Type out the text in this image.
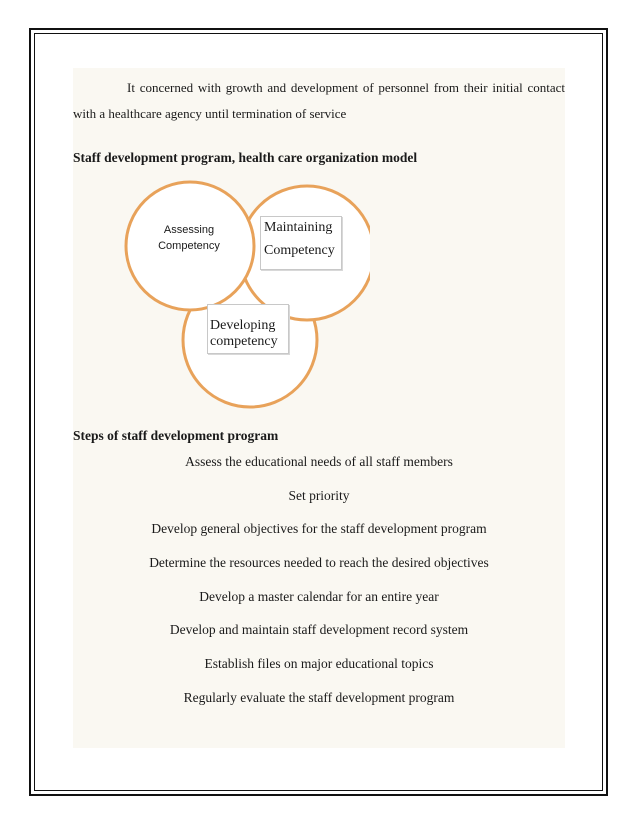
It concerned with growth and development of personnel from their initial contact with a healthcare agency until termination of service

Staff development program, health care organization model

Maintaining
Competency
Developing
competency
Assessing Competency

Steps of staff development program

Assess the educational needs of all staff members
Set priority
Develop general objectives for the staff development program
Determine the resources needed to reach the desired objectives
Develop a master calendar for an entire year
Develop and maintain staff development record system
Establish files on major educational topics
Regularly evaluate the staff development program
